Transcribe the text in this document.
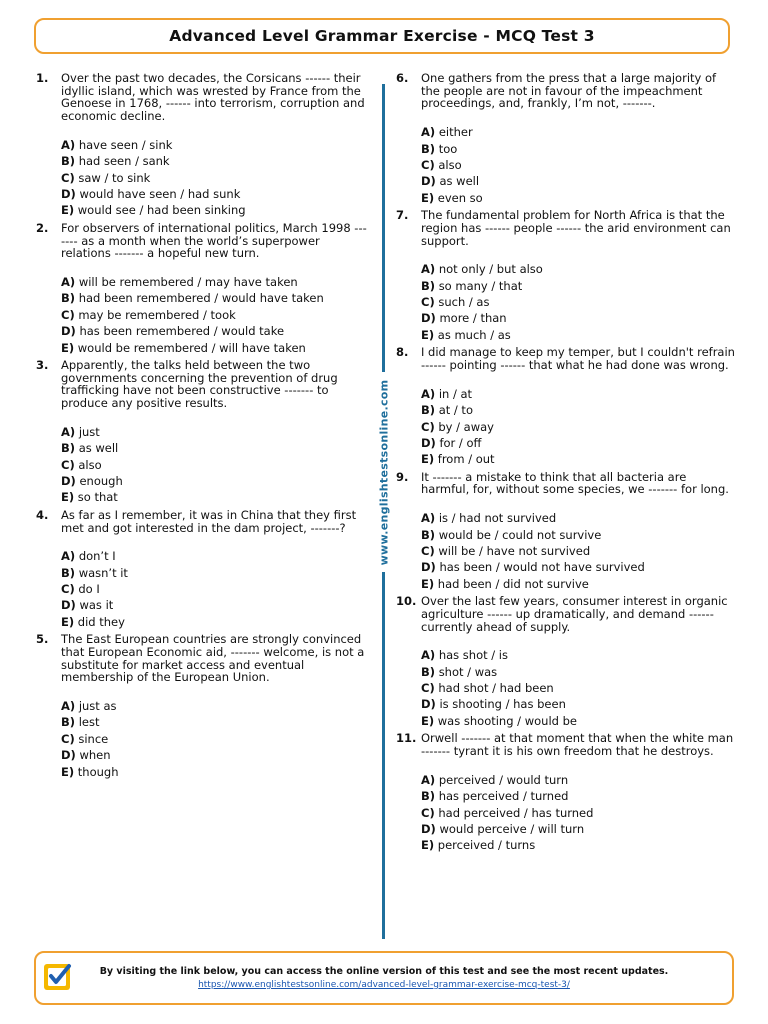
Advanced Level Grammar Exercise - MCQ Test 3
1.	Over the past two decades, the Corsicans ------ their idyllic island, which was wrested by France from the Genoese in 1768, ------ into terrorism, corruption and economic decline.
A) have seen / sink
B) had seen / sank
C) saw / to sink
D) would have seen / had sunk
E) would see / had been sinking
2.	For observers of international politics, March 1998 ------- as a month when the world’s superpower relations ------- a hopeful new turn.
A) will be remembered / may have taken
B) had been remembered / would have taken
C) may be remembered / took
D) has been remembered / would take
E) would be remembered / will have taken
3.	Apparently, the talks held between the two governments concerning the prevention of drug trafficking have not been constructive ------- to produce any positive results.
A) just
B) as well
C) also
D) enough
E) so that
4.	As far as I remember, it was in China that they first met and got interested in the dam project, -------?
A) don’t I
B) wasn’t it
C) do I
D) was it
E) did they
5.	The East European countries are strongly convinced that European Economic aid, ------- welcome, is not a substitute for market access and eventual membership of the European Union.
A) just as
B) lest
C) since
D) when
E) though
6.	One gathers from the press that a large majority of the people are not in favour of the impeachment proceedings, and, frankly, I’m not, -------.
A) either
B) too
C) also
D) as well
E) even so
7.	The fundamental problem for North Africa is that the region has ------ people ------ the arid environment can support.
A) not only / but also
B) so many / that
C) such / as
D) more / than
E) as much / as
8.	I did manage to keep my temper, but I couldn't refrain ------ pointing ------ that what he had done was wrong.
A) in / at
B) at / to
C) by / away
D) for / off
E) from / out
9.	It ------- a mistake to think that all bacteria are harmful, for, without some species, we ------- for long.
A) is / had not survived
B) would be / could not survive
C) will be / have not survived
D) has been / would not have survived
E) had been / did not survive
10. Over the last few years, consumer interest in organic agriculture ------ up dramatically, and demand ------ currently ahead of supply.
A) has shot / is
B) shot / was
C) had shot / had been
D) is shooting / has been
E) was shooting / would be
11. Orwell ------- at that moment that when the white man ------- tyrant it is his own freedom that he destroys.
A) perceived / would turn
B) has perceived / turned
C) had perceived / has turned
D) would perceive / will turn
E) perceived / turns
www.englishtestsonline.com
By visiting the link below, you can access the online version of this test and see the most recent updates.
https://www.englishtestsonline.com/advanced-level-grammar-exercise-mcq-test-3/
